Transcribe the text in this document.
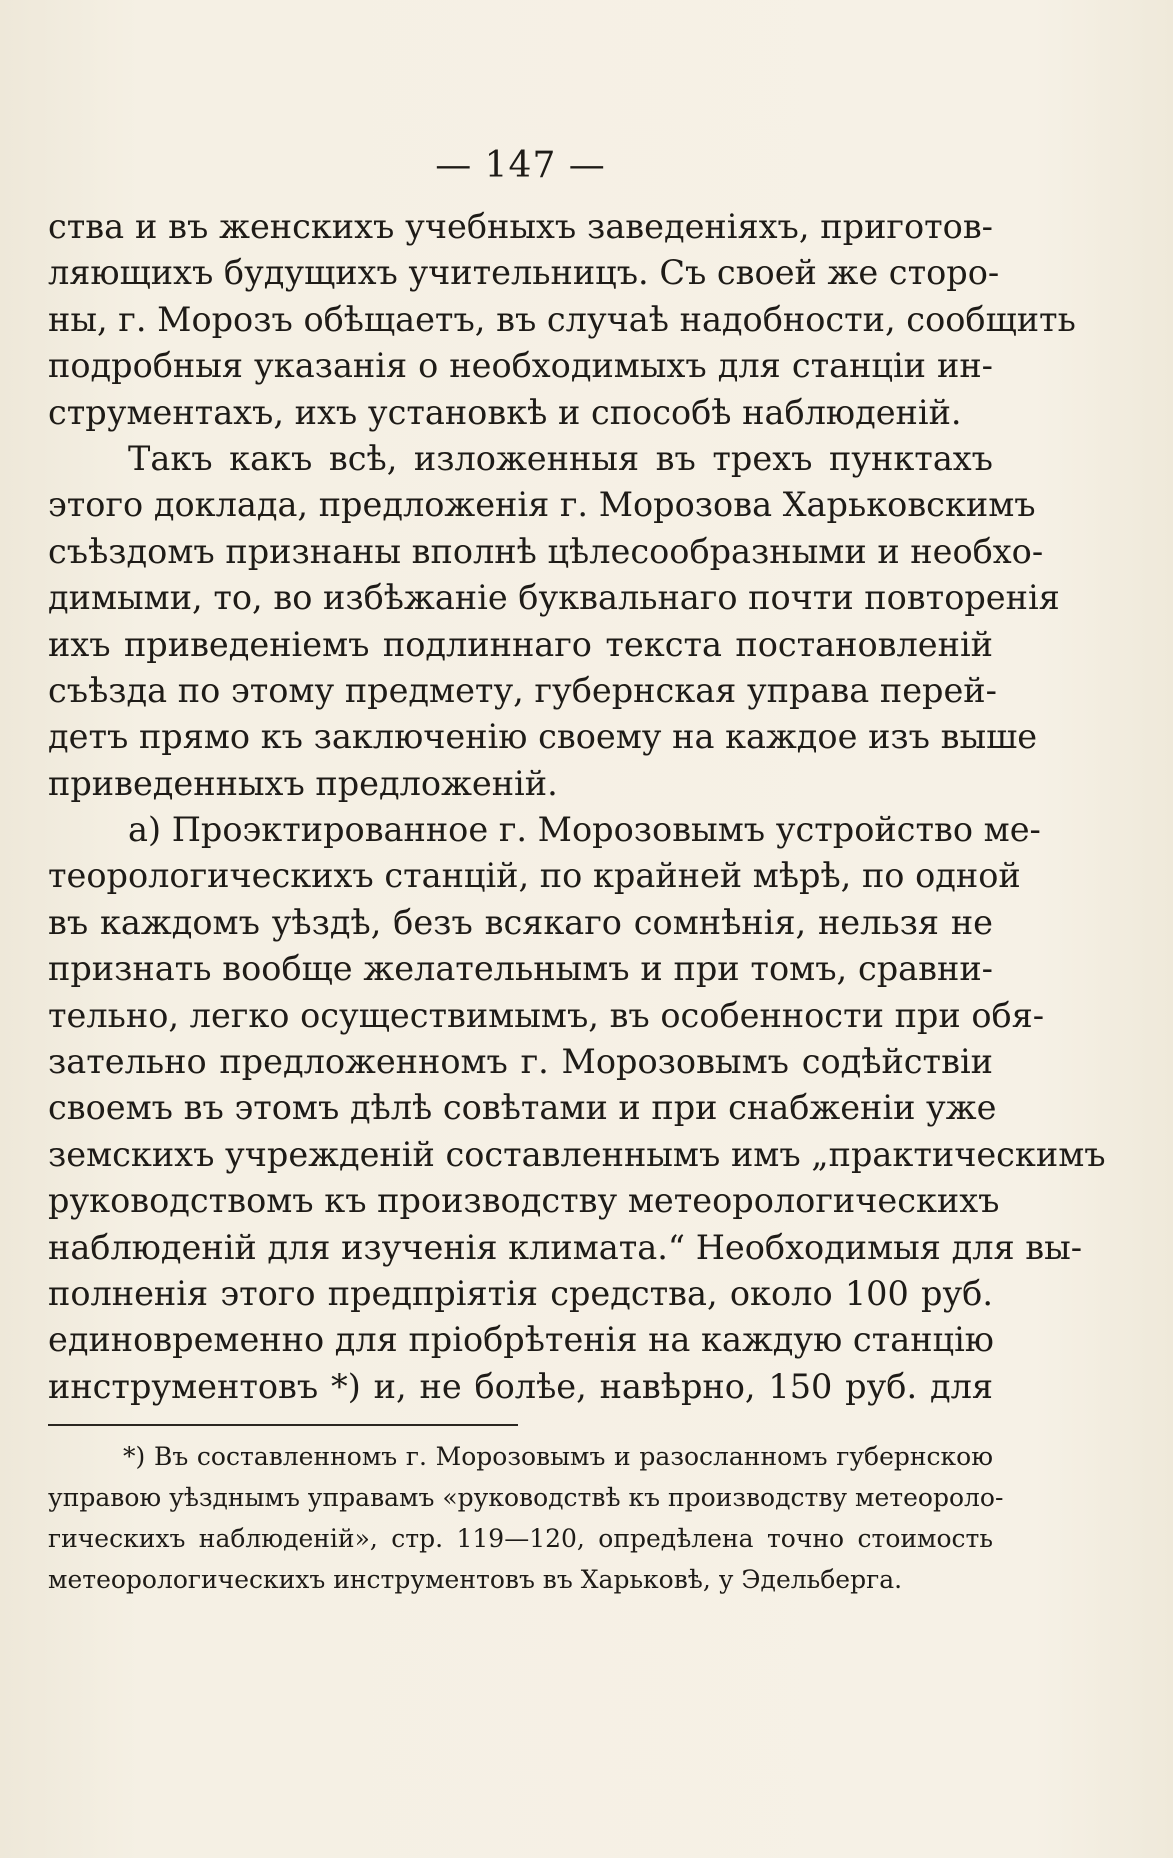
— 147 —
ства и въ женскихъ учебныхъ заведеніяхъ, приготов-
ляющихъ будущихъ учительницъ. Съ своей же сторо-
ны, г. Морозъ обѣщаетъ, въ случаѣ надобности, сообщить
подробныя указанія о необходимыхъ для станціи ин-
струментахъ, ихъ установкѣ и способѣ наблюденій.
Такъ какъ всѣ, изложенныя въ трехъ пунктахъ
этого доклада, предложенія г. Морозова Харьковскимъ
съѣздомъ признаны вполнѣ цѣлесообразными и необхо-
димыми, то, во избѣжаніе буквальнаго почти повторенія
ихъ приведеніемъ подлиннаго текста постановленій
съѣзда по этому предмету, губернская управа перей-
детъ прямо къ заключенію своему на каждое изъ выше
приведенныхъ предложеній.
а) Проэктированное г. Морозовымъ устройство ме-
теорологическихъ станцій, по крайней мѣрѣ, по одной
въ каждомъ уѣздѣ, безъ всякаго сомнѣнія, нельзя не
признать вообще желательнымъ и при томъ, сравни-
тельно, легко осуществимымъ, въ особенности при обя-
зательно предложенномъ г. Морозовымъ содѣйствіи
своемъ въ этомъ дѣлѣ совѣтами и при снабженіи уже
земскихъ учрежденій составленнымъ имъ „практическимъ
руководствомъ къ производству метеорологическихъ
наблюденій для изученія климата.“ Необходимыя для вы-
полненія этого предпріятія средства, около 100 руб.
единовременно для пріобрѣтенія на каждую станцію
инструментовъ *) и, не болѣе, навѣрно, 150 руб. для
*) Въ составленномъ г. Морозовымъ и разосланномъ губернскою
управою уѣзднымъ управамъ «руководствѣ къ производству метеороло-
гическихъ наблюденій», стр. 119—120, опредѣлена точно стоимость
метеорологическихъ инструментовъ въ Харьковѣ, у Эдельберга.
